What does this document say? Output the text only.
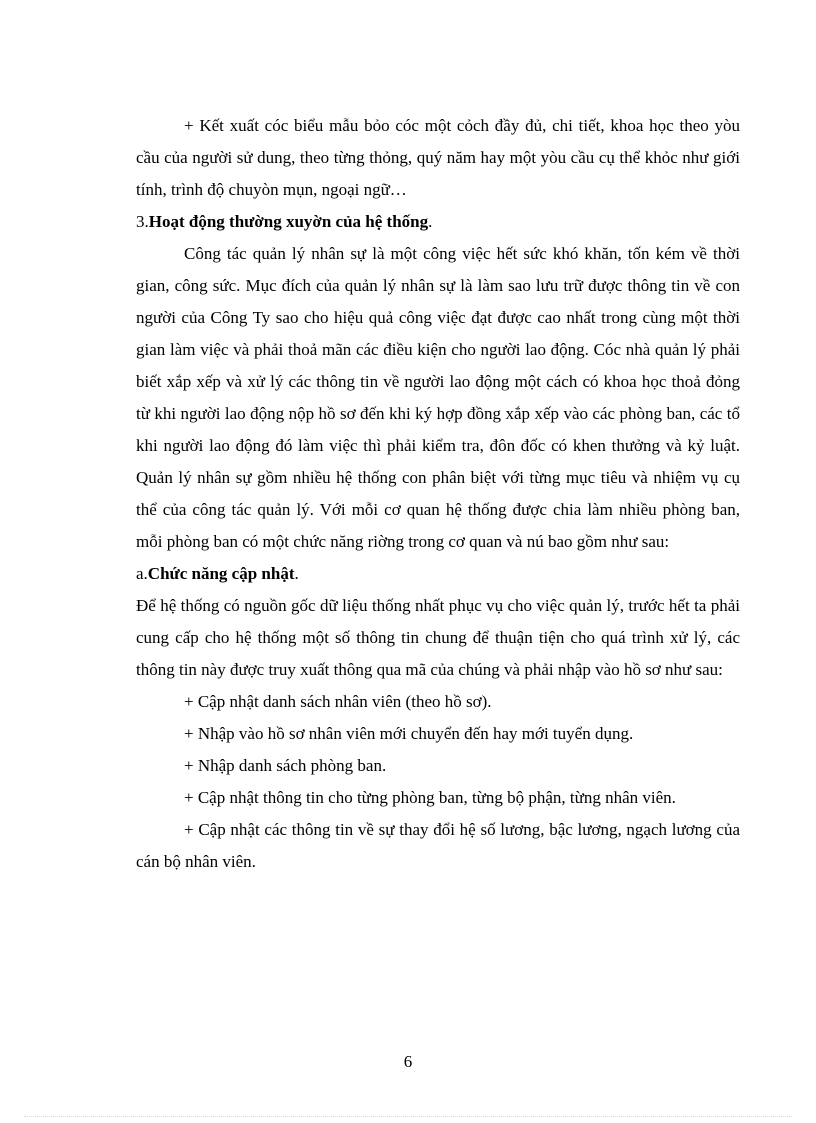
+ Kết xuất cóc biểu mẫu bỏo cóc một cỏch đầy đủ, chi tiết, khoa học theo yòu cầu của người sử dung, theo từng thỏng, quý năm hay một yòu cầu cụ thể khỏc như giới tính, trình độ chuyòn mụn, ngoại ngữ…

3.Hoạt động thường xuyờn của hệ thống.

Công tác quản lý nhân sự là một công việc hết sức khó khăn, tốn kém về thời gian, công sức. Mục đích của quản lý nhân sự là làm sao lưu trữ được thông tin về con người của Công Ty sao cho hiệu quả công việc đạt được cao nhất trong cùng một thời gian làm việc và phải thoả mãn các điều kiện cho người lao động. Cóc nhà quản lý phải biết xắp xếp và xử lý các thông tin về người lao động một cách có khoa học thoả đỏng từ khi người lao động nộp hồ sơ đến khi ký hợp đồng xắp xếp vào các phòng ban, các tổ khi người lao động đó làm việc thì phải kiểm tra, đôn đốc có khen thưởng và kỷ luật. Quản lý nhân sự gồm nhiều hệ thống con phân biệt với từng mục tiêu và nhiệm vụ cụ thể của công tác quản lý. Với mỗi cơ quan hệ thống được chia làm nhiều phòng ban, mỗi phòng ban có một chức năng riờng trong cơ quan và nú bao gồm như sau:

a.Chức năng cập nhật.

Để hệ thống có nguồn gốc dữ liệu thống nhất phục vụ cho việc quản lý, trước hết ta phải cung cấp cho hệ thống một số thông tin chung để thuận tiện cho quá trình xử lý, các thông tin này được truy xuất thông qua mã của chúng và phải nhập vào hồ sơ như sau:

+ Cập nhật danh sách nhân viên (theo hồ sơ).

+ Nhập vào hồ sơ nhân viên mới chuyển đến hay mới tuyển dụng.

+ Nhập danh sách phòng ban.

+ Cập nhật thông tin cho từng phòng ban, từng bộ phận, từng nhân viên.

+ Cập nhật các thông tin về sự thay đổi hệ số lương, bậc lương, ngạch lương của cán bộ nhân viên.

6
